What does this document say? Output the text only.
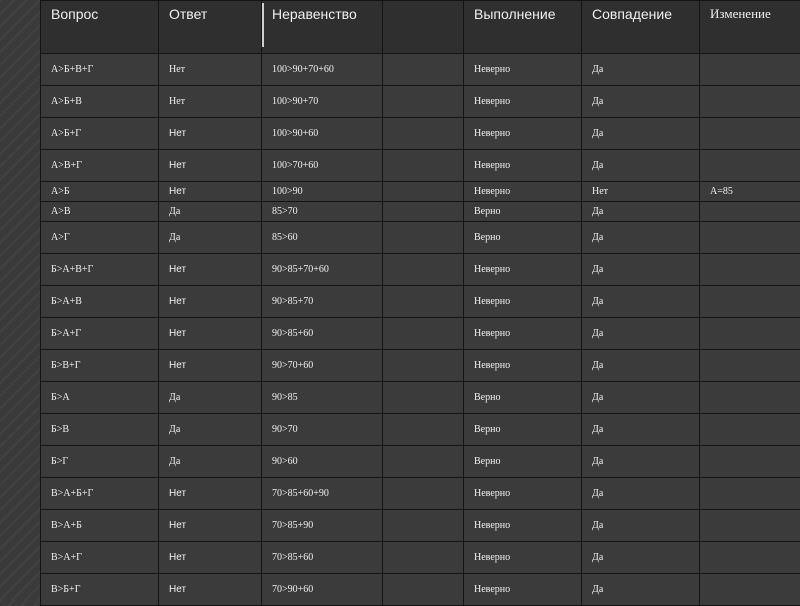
Вопрос	Ответ	Неравенство		Выполнение	Совпадение	Изменение
А>Б+В+Г	Нет	100>90+70+60		Неверно	Да	
А>Б+В	Нет	100>90+70		Неверно	Да	
А>Б+Г	Нет	100>90+60		Неверно	Да	
А>В+Г	Нет	100>70+60		Неверно	Да	
А>Б	Нет	100>90		Неверно	Нет	А=85
А>В	Да	85>70		Верно	Да	
А>Г	Да	85>60		Верно	Да	
Б>А+В+Г	Нет	90>85+70+60		Неверно	Да	
Б>А+В	Нет	90>85+70		Неверно	Да	
Б>А+Г	Нет	90>85+60		Неверно	Да	
Б>В+Г	Нет	90>70+60		Неверно	Да	
Б>А	Да	90>85		Верно	Да	
Б>В	Да	90>70		Верно	Да	
Б>Г	Да	90>60		Верно	Да	
В>А+Б+Г	Нет	70>85+60+90		Неверно	Да	
В>А+Б	Нет	70>85+90		Неверно	Да	
В>А+Г	Нет	70>85+60		Неверно	Да	
В>Б+Г	Нет	70>90+60		Неверно	Да	
